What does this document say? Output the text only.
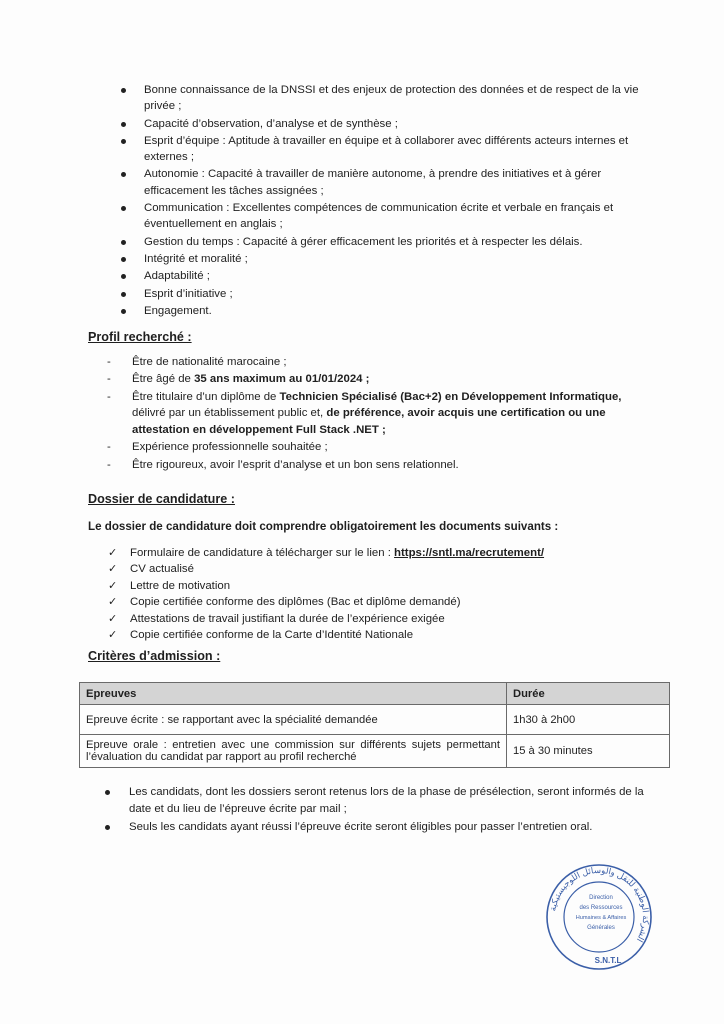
Bonne connaissance de la DNSSI et des enjeux de protection des données et de respect de la vie privée ;
Capacité d’observation, d’analyse et de synthèse ;
Esprit d’équipe : Aptitude à travailler en équipe et à collaborer avec différents acteurs internes et externes ;
Autonomie : Capacité à travailler de manière autonome, à prendre des initiatives et à gérer efficacement les tâches assignées ;
Communication : Excellentes compétences de communication écrite et verbale en français et éventuellement en anglais ;
Gestion du temps : Capacité à gérer efficacement les priorités et à respecter les délais.
Intégrité et moralité ;
Adaptabilité ;
Esprit d’initiative ;
Engagement.
Profil recherché :
- Être de nationalité marocaine ;
- Être âgé de 35 ans maximum au 01/01/2024 ;
- Être titulaire d’un diplôme de Technicien Spécialisé (Bac+2) en Développement Informatique, délivré par un établissement public et, de préférence, avoir acquis une certification ou une attestation en développement Full Stack .NET ;
- Expérience professionnelle souhaitée ;
- Être rigoureux, avoir l’esprit d’analyse et un bon sens relationnel.
Dossier de candidature :

Le dossier de candidature doit comprendre obligatoirement les documents suivants :

✓ Formulaire de candidature à télécharger sur le lien : https://sntl.ma/recrutement/
✓ CV actualisé
✓ Lettre de motivation
✓ Copie certifiée conforme des diplômes (Bac et diplôme demandé)
✓ Attestations de travail justifiant la durée de l’expérience exigée
✓ Copie certifiée conforme de la Carte d’Identité Nationale
Critères d’admission :
Epreuves	Durée
Epreuve écrite : se rapportant avec la spécialité demandée	1h30 à 2h00
Epreuve orale : entretien avec une commission sur différents sujets permettant l’évaluation du candidat par rapport au profil recherché	15 à 30 minutes
Les candidats, dont les dossiers seront retenus lors de la phase de présélection, seront informés de la date et du lieu de l’épreuve écrite par mail ;
Seuls les candidats ayant réussi l’épreuve écrite seront éligibles pour passer l’entretien oral.
الشركة الوطنية للنقل والوسائل اللوجيستيكية
Direction
des Ressources
Humaines & Affaires
Générales
S.N.T.L
